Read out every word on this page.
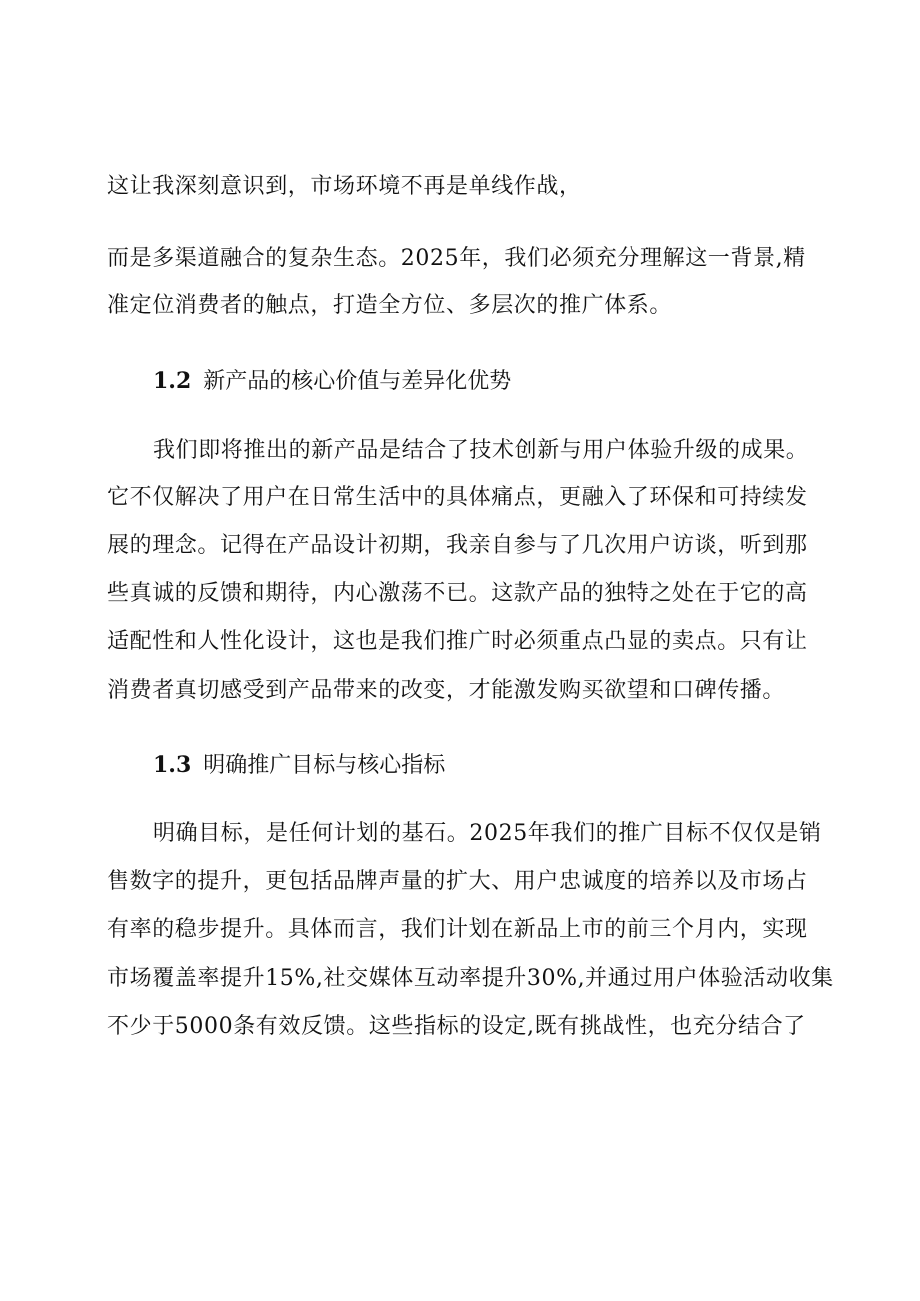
这让我深刻意识到，市场环境不再是单线作战，
而是多渠道融合的复杂生态。2025年，我们必须充分理解这一背景,精
准定位消费者的触点，打造全方位、多层次的推广体系。
1.2 新产品的核心价值与差异化优势
我们即将推出的新产品是结合了技术创新与用户体验升级的成果。
它不仅解决了用户在日常生活中的具体痛点，更融入了环保和可持续发
展的理念。记得在产品设计初期，我亲自参与了几次用户访谈，听到那
些真诚的反馈和期待，内心激荡不已。这款产品的独特之处在于它的高
适配性和人性化设计，这也是我们推广时必须重点凸显的卖点。只有让
消费者真切感受到产品带来的改变，才能激发购买欲望和口碑传播。
1.3 明确推广目标与核心指标
明确目标，是任何计划的基石。2025年我们的推广目标不仅仅是销
售数字的提升，更包括品牌声量的扩大、用户忠诚度的培养以及市场占
有率的稳步提升。具体而言，我们计划在新品上市的前三个月内，实现
市场覆盖率提升15%,社交媒体互动率提升30%,并通过用户体验活动收集
不少于5000条有效反馈。这些指标的设定,既有挑战性，也充分结合了
